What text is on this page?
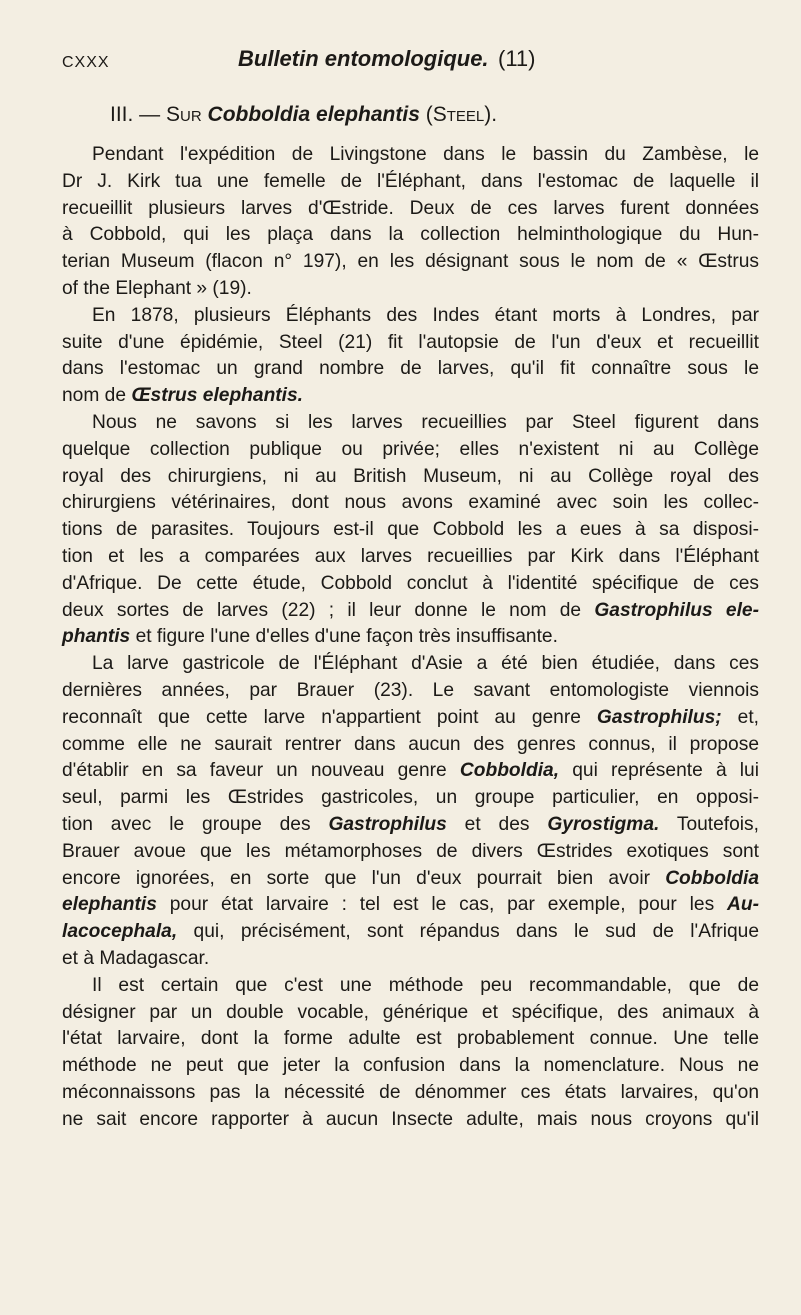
CXXX	Bulletin entomologique. (11)
III. — Sur Cobboldia elephantis (Steel).
Pendant l'expédition de Livingstone dans le bassin du Zambèse, le
Dr J. Kirk tua une femelle de l'Éléphant, dans l'estomac de laquelle il
recueillit plusieurs larves d'Œstride. Deux de ces larves furent données
à Cobbold, qui les plaça dans la collection helminthologique du Hun-
terian Museum (flacon n° 197), en les désignant sous le nom de « Œstrus
of the Elephant » (19).
En 1878, plusieurs Éléphants des Indes étant morts à Londres, par
suite d'une épidémie, Steel (21) fit l'autopsie de l'un d'eux et recueillit
dans l'estomac un grand nombre de larves, qu'il fit connaître sous le
nom de Œstrus elephantis.
Nous ne savons si les larves recueillies par Steel figurent dans
quelque collection publique ou privée; elles n'existent ni au Collège
royal des chirurgiens, ni au British Museum, ni au Collège royal des
chirurgiens vétérinaires, dont nous avons examiné avec soin les collec-
tions de parasites. Toujours est-il que Cobbold les a eues à sa disposi-
tion et les a comparées aux larves recueillies par Kirk dans l'Éléphant
d'Afrique. De cette étude, Cobbold conclut à l'identité spécifique de ces
deux sortes de larves (22) ; il leur donne le nom de Gastrophilus ele-
phantis et figure l'une d'elles d'une façon très insuffisante.
La larve gastricole de l'Éléphant d'Asie a été bien étudiée, dans ces
dernières années, par Brauer (23). Le savant entomologiste viennois
reconnaît que cette larve n'appartient point au genre Gastrophilus; et,
comme elle ne saurait rentrer dans aucun des genres connus, il propose
d'établir en sa faveur un nouveau genre Cobboldia, qui représente à lui
seul, parmi les Œstrides gastricoles, un groupe particulier, en opposi-
tion avec le groupe des Gastrophilus et des Gyrostigma. Toutefois,
Brauer avoue que les métamorphoses de divers Œstrides exotiques sont
encore ignorées, en sorte que l'un d'eux pourrait bien avoir Cobboldia
elephantis pour état larvaire : tel est le cas, par exemple, pour les Au-
lacocephala, qui, précisément, sont répandus dans le sud de l'Afrique
et à Madagascar.
Il est certain que c'est une méthode peu recommandable, que de
désigner par un double vocable, générique et spécifique, des animaux à
l'état larvaire, dont la forme adulte est probablement connue. Une telle
méthode ne peut que jeter la confusion dans la nomenclature. Nous ne
méconnaissons pas la nécessité de dénommer ces états larvaires, qu'on
ne sait encore rapporter à aucun Insecte adulte, mais nous croyons qu'il
